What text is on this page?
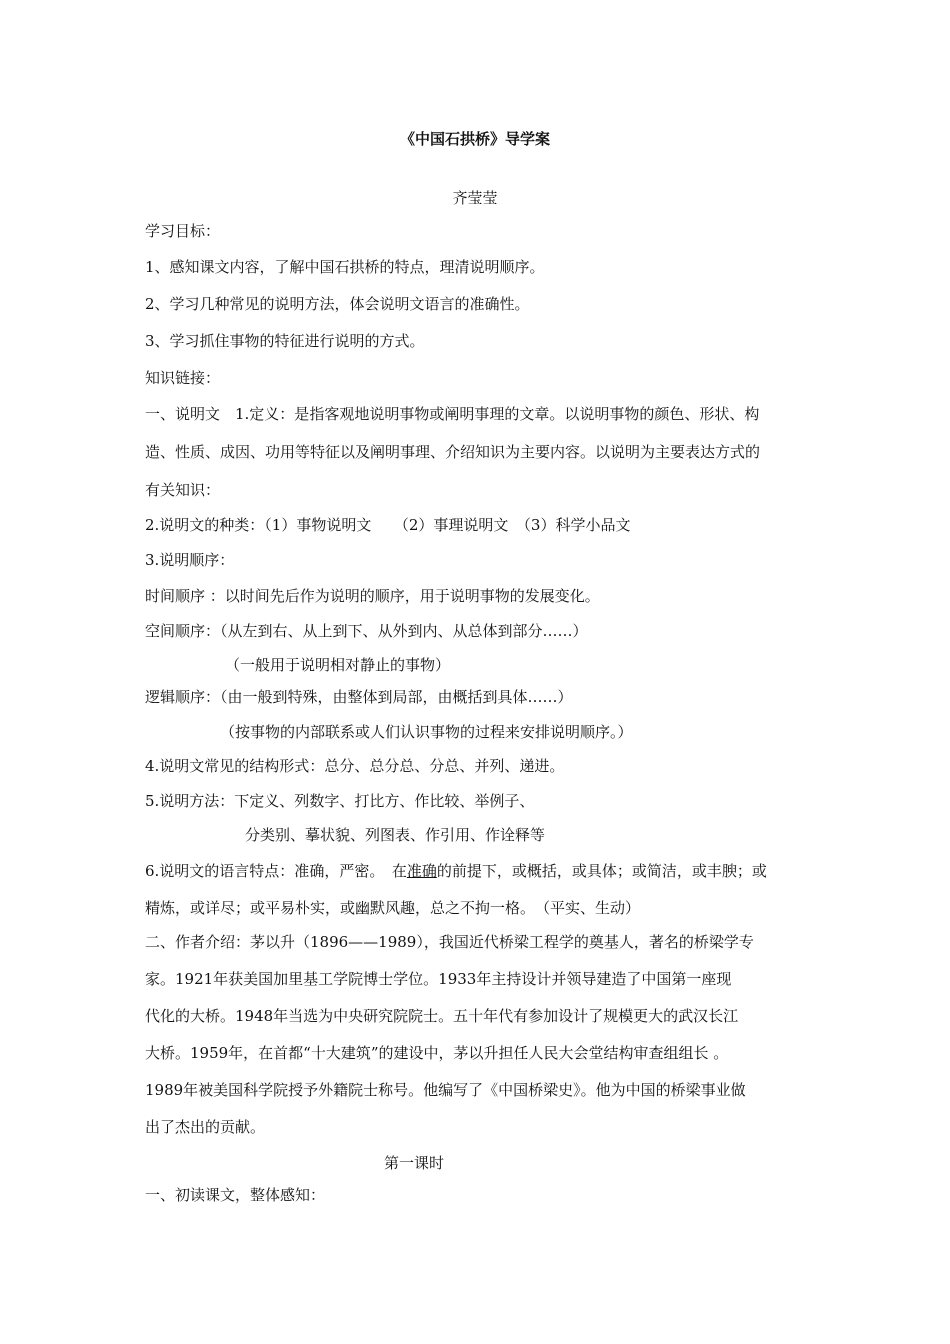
《中国石拱桥》导学案
齐莹莹
学习目标：
1、感知课文内容，了解中国石拱桥的特点，理清说明顺序。
2、学习几种常见的说明方法，体会说明文语言的准确性。
3、学习抓住事物的特征进行说明的方式。
知识链接：
一、说明文　1.定义：是指客观地说明事物或阐明事理的文章。以说明事物的颜色、形状、构
造、性质、成因、功用等特征以及阐明事理、介绍知识为主要内容。以说明为主要表达方式的
有关知识：
2.说明文的种类：（1）事物说明文　　（2）事理说明文　（3）科学小品文
3.说明顺序：
时间顺序 ：以时间先后作为说明的顺序，用于说明事物的发展变化。
空间顺序：（从左到右、从上到下、从外到内、从总体到部分……）
（一般用于说明相对静止的事物）
逻辑顺序：（由一般到特殊，由整体到局部，由概括到具体……）
（按事物的内部联系或人们认识事物的过程来安排说明顺序。）
4.说明文常见的结构形式：总分、总分总、分总、并列、递进。
5.说明方法：下定义、列数字、打比方、作比较、举例子、
分类别、摹状貌、列图表、作引用、作诠释等
6.说明文的语言特点：准确，严密。　在准确的前提下，或概括，或具体；或简洁，或丰腴；或
精炼，或详尽；或平易朴实，或幽默风趣，总之不拘一格。　（平实、生动）
二、作者介绍：茅以升（1896——1989），我国近代桥梁工程学的奠基人，著名的桥梁学专
家。1921年获美国加里基工学院博士学位。1933年主持设计并领导建造了中国第一座现
代化的大桥。1948年当选为中央研究院院士。五十年代有参加设计了规模更大的武汉长江
大桥。1959年，在首都“十大建筑”的建设中，茅以升担任人民大会堂结构审查组组长 。
1989年被美国科学院授予外籍院士称号。他编写了《中国桥梁史》。他为中国的桥梁事业做
出了杰出的贡献。
第一课时
一、初读课文，整体感知：
